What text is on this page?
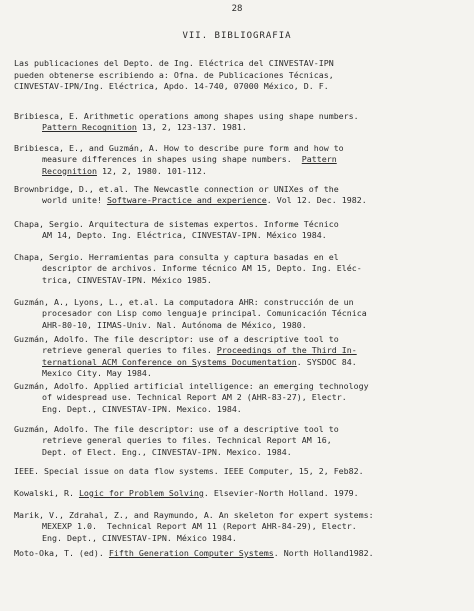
28
VII. BIBLIOGRAFIA
Las publicaciones del Depto. de Ing. Eléctrica del CINVESTAV-IPN
pueden obtenerse escribiendo a: Ofna. de Publicaciones Técnicas,
CINVESTAV-IPN/Ing. Eléctrica, Apdo. 14-740, 07000 México, D. F.
Bribiesca, E. Arithmetic operations among shapes using shape numbers.
Pattern Recognition 13, 2, 123-137. 1981.
Bribiesca, E., and Guzmán, A. How to describe pure form and how to
measure differences in shapes using shape numbers.  Pattern
Recognition 12, 2, 1980. 101-112.
Brownbridge, D., et.al. The Newcastle connection or UNIXes of the
world unite! Software-Practice and experience. Vol 12. Dec. 1982.
Chapa, Sergio. Arquitectura de sistemas expertos. Informe Técnico
AM 14, Depto. Ing. Eléctrica, CINVESTAV-IPN. México 1984.
Chapa, Sergio. Herramientas para consulta y captura basadas en el
descriptor de archivos. Informe técnico AM 15, Depto. Ing. Eléc-
trica, CINVESTAV-IPN. México 1985.
Guzmán, A., Lyons, L., et.al. La computadora AHR: construcción de un
procesador con Lisp como lenguaje principal. Comunicación Técnica
AHR-80-10, IIMAS-Univ. Nal. Autónoma de México, 1980.
Guzmán, Adolfo. The file descriptor: use of a descriptive tool to
retrieve general queries to files. Proceedings of the Third In-
ternational ACM Conference on Systems Documentation. SYSDOC 84.
Mexico City. May 1984.
Guzmán, Adolfo. Applied artificial intelligence: an emerging technology
of widespread use. Technical Report AM 2 (AHR-83-27), Electr.
Eng. Dept., CINVESTAV-IPN. Mexico. 1984.
Guzmán, Adolfo. The file descriptor: use of a descriptive tool to
retrieve general queries to files. Technical Report AM 16,
Dept. of Elect. Eng., CINVESTAV-IPN. Mexico. 1984.
IEEE. Special issue on data flow systems. IEEE Computer, 15, 2, Feb82.
Kowalski, R. Logic for Problem Solving. Elsevier-North Holland. 1979.
Marik, V., Zdrahal, Z., and Raymundo, A. An skeleton for expert systems:
MEXEXP 1.0.  Technical Report AM 11 (Report AHR-84-29), Electr.
Eng. Dept., CINVESTAV-IPN. México 1984.
Moto-Oka, T. (ed). Fifth Generation Computer Systems. North Holland1982.
